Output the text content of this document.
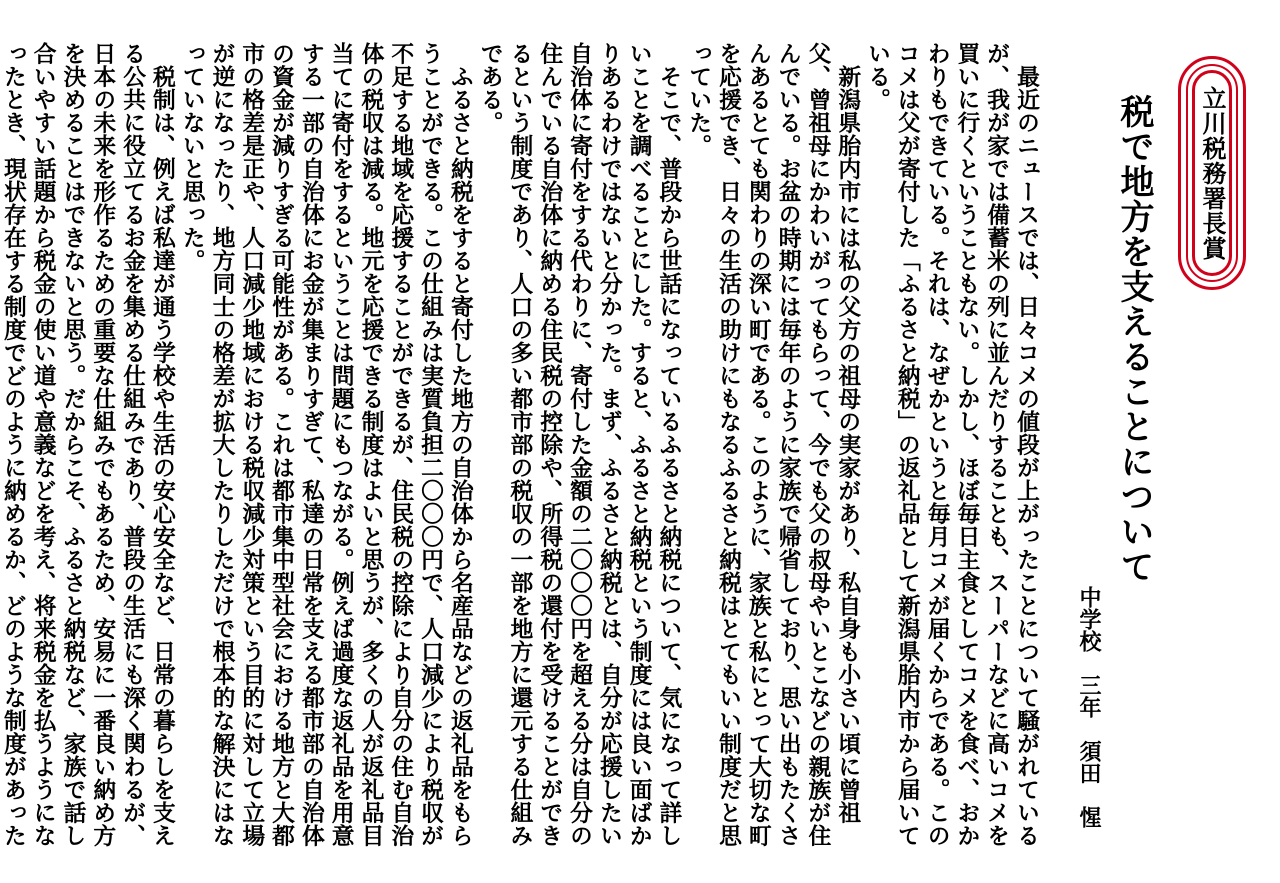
立川税務署長賞
税で地方を支えることについて
中学校　三年　須田　惺

最近のニュースでは、日々コメの値段が上がったことについて騒がれているが、我が家では備蓄米の列に並んだりすることも、スーパーなどに高いコメを買いに行くということもない。しかし、ほぼ毎日主食としてコメを食べ、おかわりもできている。それは、なぜかというと毎月コメが届くからである。このコメは父が寄付した「ふるさと納税」の返礼品として新潟県胎内市から届いている。

新潟県胎内市には私の父方の祖母の実家があり、私自身も小さい頃に曾祖父、曾祖母にかわいがってもらって、今でも父の叔母やいとこなどの親族が住んでいる。お盆の時期には毎年のように家族で帰省しており、思い出もたくさんあるとても関わりの深い町である。このように、家族と私にとって大切な町を応援でき、日々の生活の助けにもなるふるさと納税はとてもいい制度だと思っていた。

そこで、普段から世話になっているふるさと納税について、気になって詳しいことを調べることにした。すると、ふるさと納税という制度には良い面ばかりあるわけではないと分かった。まず、ふるさと納税とは、自分が応援したい自治体に寄付をする代わりに、寄付した金額の二〇〇〇円を超える分は自分の住んでいる自治体に納める住民税の控除や、所得税の還付を受けることができるという制度であり、人口の多い都市部の税収の一部を地方に還元する仕組みである。

ふるさと納税をすると寄付した地方の自治体から名産品などの返礼品をもらうことができる。この仕組みは実質負担二〇〇〇円で、人口減少により税収が不足する地域を応援することができるが、住民税の控除により自分の住む自治体の税収は減る。地元を応援できる制度はよいと思うが、多くの人が返礼品目当てに寄付をするということは問題にもつながる。例えば過度な返礼品を用意する一部の自治体にお金が集まりすぎて、私達の日常を支える都市部の自治体の資金が減りすぎる可能性がある。これは都市集中型社会における地方と大都市の格差是正や、人口減少地域における税収減少対策という目的に対して立場が逆になったり、地方同士の格差が拡大したりしただけで根本的な解決にはなっていないと思った。

税制は、例えば私達が通う学校や生活の安心安全など、日常の暮らしを支える公共に役立てるお金を集める仕組みであり、普段の生活にも深く関わるが、日本の未来を形作るための重要な仕組みでもあるため、安易に一番良い納め方を決めることはできないと思う。だからこそ、ふるさと納税など、家族で話し合いやすい話題から税金の使い道や意義などを考え、将来税金を払うようになったとき、現状存在する制度でどのように納めるか、どのような制度があった
